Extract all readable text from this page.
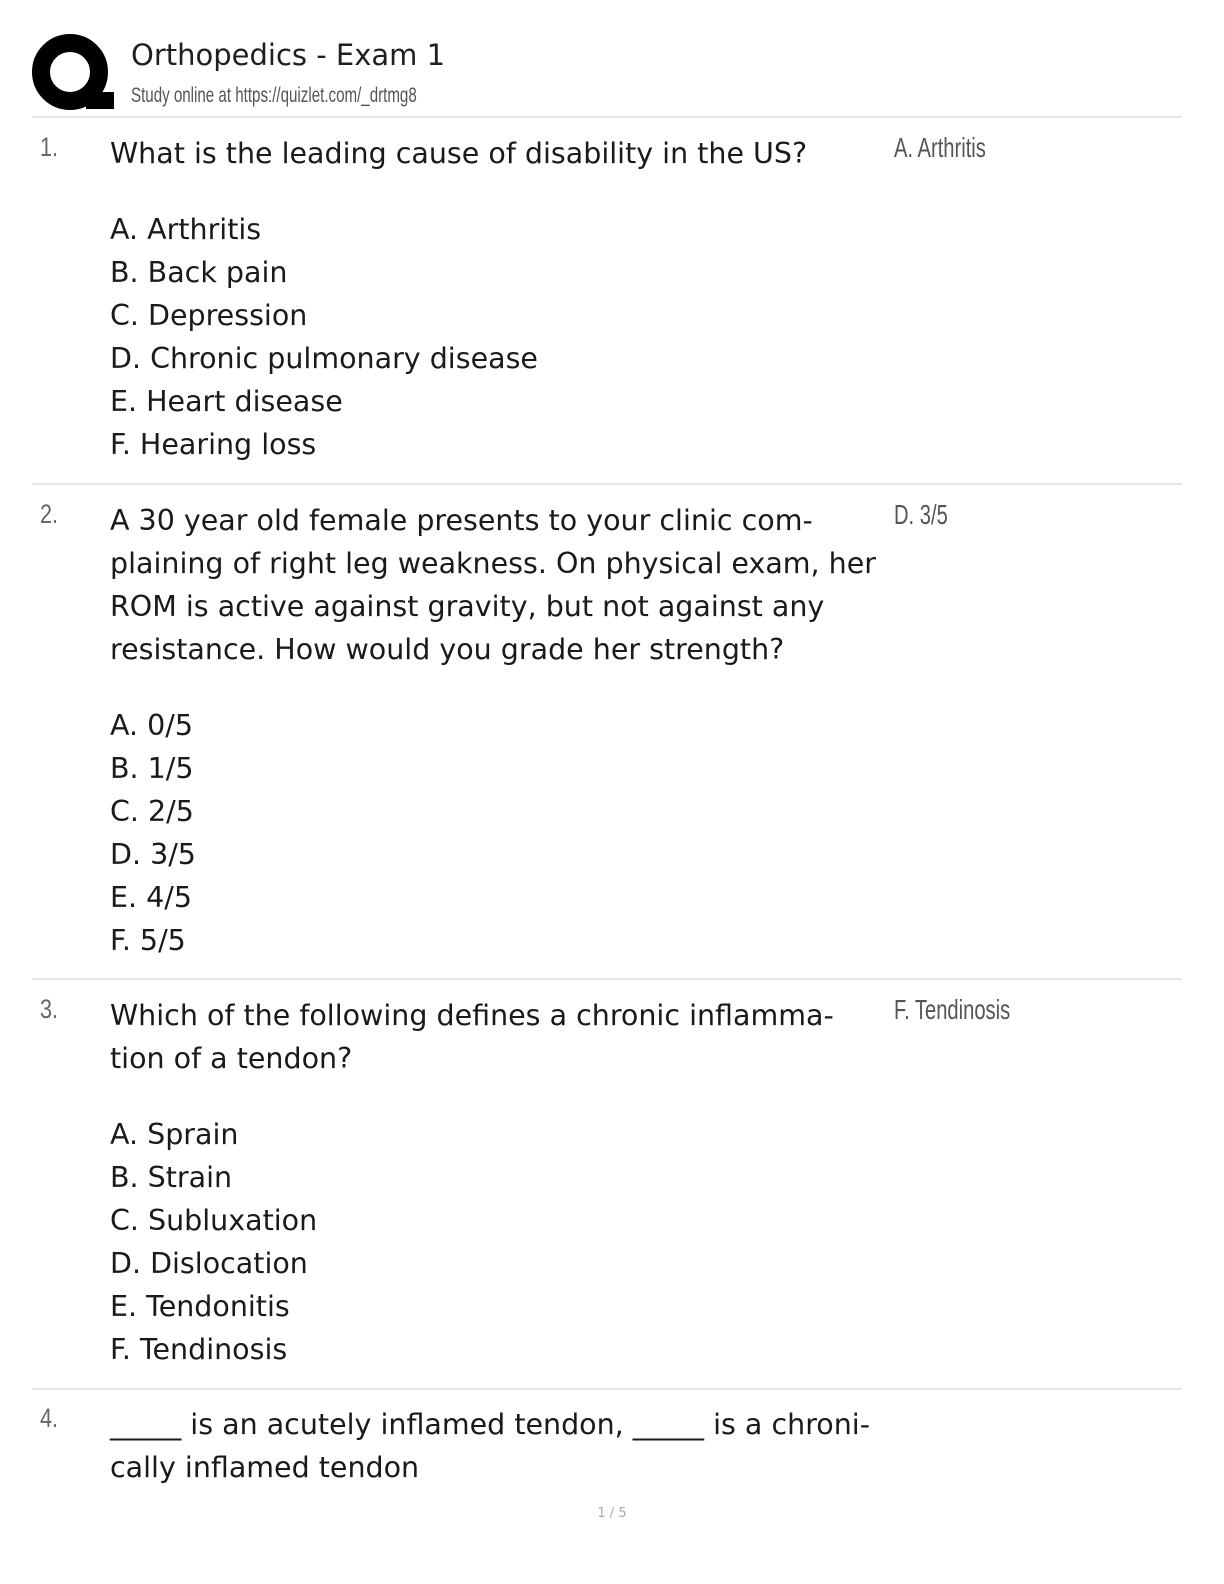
Orthopedics - Exam 1
Study online at https://quizlet.com/_drtmg8
1. What is the leading cause of disability in the US?
A. Arthritis
B. Back pain
C. Depression
D. Chronic pulmonary disease
E. Heart disease
F. Hearing loss
A. Arthritis
2. A 30 year old female presents to your clinic com-
plaining of right leg weakness. On physical exam, her
ROM is active against gravity, but not against any
resistance. How would you grade her strength?
A. 0/5
B. 1/5
C. 2/5
D. 3/5
E. 4/5
F. 5/5
D. 3/5
3. Which of the following defines a chronic inflamma-
tion of a tendon?
A. Sprain
B. Strain
C. Subluxation
D. Dislocation
E. Tendonitis
F. Tendinosis
F. Tendinosis
4. _____ is an acutely inflamed tendon, _____ is a chroni-
cally inflamed tendon
1 / 5
